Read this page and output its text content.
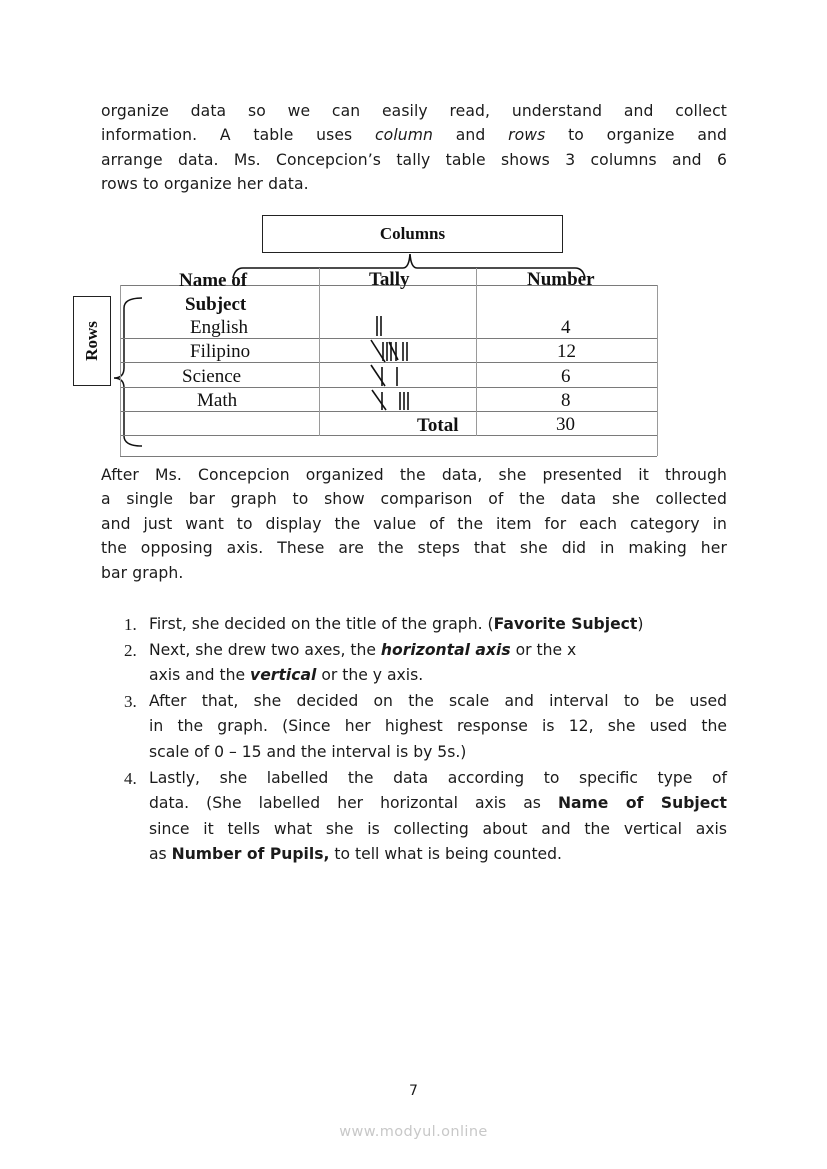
organize data so we can easily read, understand and collect
information. A table uses column and rows to organize and
arrange data. Ms. Concepcion’s tally table shows 3 columns and 6
rows to organize her data.
Columns
Rows
Name of
Subject
Tally	Number
English
Filipino
Science
Math
4
12
6
8
Total	30
After Ms. Concepcion organized the data, she presented it through
a single bar graph to show comparison of the data she collected
and just want to display the value of the item for each category in
the opposing axis. These are the steps that she did in making her
bar graph.
1. First, she decided on the title of the graph. (Favorite Subject)
2. Next, she drew two axes, the horizontal axis or the x
axis and the vertical or the y axis.
3. After that, she decided on the scale and interval to be used
in the graph. (Since her highest response is 12, she used the
scale of 0 – 15 and the interval is by 5s.)
4. Lastly, she labelled the data according to specific type of
data. (She labelled her horizontal axis as Name of Subject
since it tells what she is collecting about and the vertical axis
as Number of Pupils, to tell what is being counted.
7
www.modyul.online
